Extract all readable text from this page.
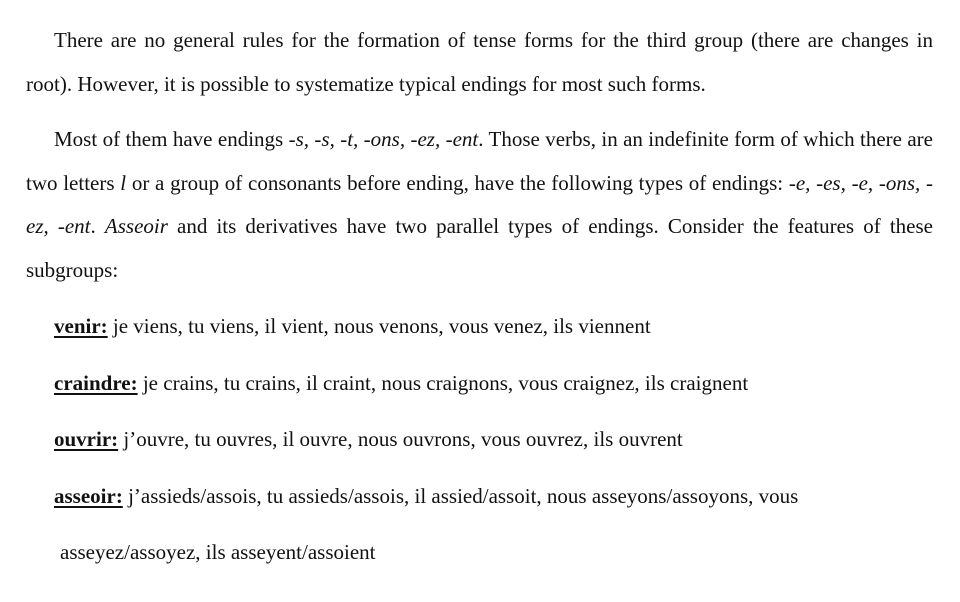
There are no general rules for the formation of tense forms for the third group (there are changes in root). However, it is possible to systematize typical endings for most such forms.

Most of them have endings -s, -s, -t, -ons, -ez, -ent. Those verbs, in an indefinite form of which there are two letters l or a group of consonants before ending, have the following types of endings: -e, -es, -e, -ons, -ez, -ent. Asseoir and its derivatives have two parallel types of endings. Consider the features of these subgroups:

venir: je viens, tu viens, il vient, nous venons, vous venez, ils viennent
craindre: je crains, tu crains, il craint, nous craignons, vous craignez, ils craignent
ouvrir: j’ouvre, tu ouvres, il ouvre, nous ouvrons, vous ouvrez, ils ouvrent
asseoir: j’assieds/assois, tu assieds/assois, il assied/assoit, nous asseyons/assoyons, vous
asseyez/assoyez, ils asseyent/assoient
